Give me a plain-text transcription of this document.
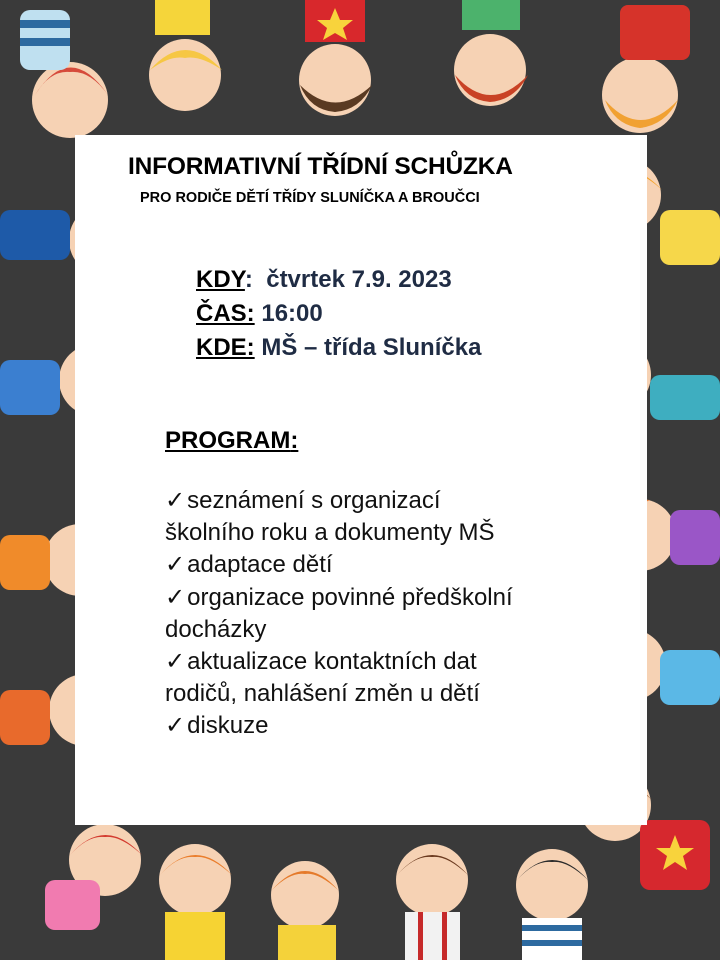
INFORMATIVNÍ TŘÍDNÍ SCHŮZKA
PRO RODIČE DĚTÍ TŘÍDY SLUNÍČKA A BROUČCI
KDY:  čtvrtek 7.9. 2023
ČAS: 16:00
KDE: MŠ – třída Sluníčka
PROGRAM:
✓seznámení s organizací
školního roku a dokumenty MŠ
✓adaptace dětí
✓organizace povinné předškolní
docházky
✓aktualizace kontaktních dat
rodičů, nahlášení změn u dětí
✓diskuze
